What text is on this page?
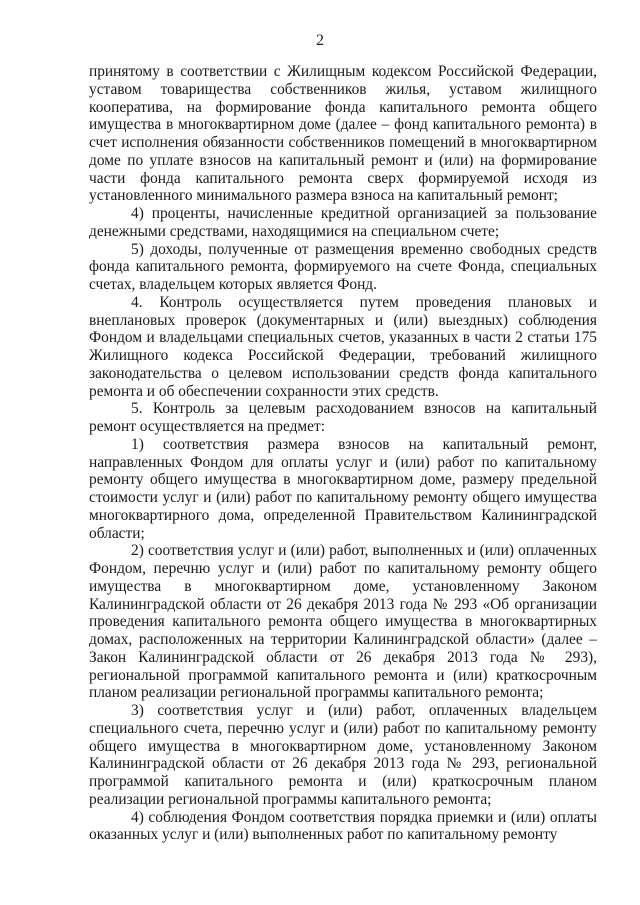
2

принятому в соответствии с Жилищным кодексом Российской Федерации, уставом товарищества собственников жилья, уставом жилищного кооператива, на формирование фонда капитального ремонта общего имущества в многоквартирном доме (далее – фонд капитального ремонта) в счет исполнения обязанности собственников помещений в многоквартирном доме по уплате взносов на капитальный ремонт и (или) на формирование части фонда капитального ремонта сверх формируемой исходя из установленного минимального размера взноса на капитальный ремонт;

4) проценты, начисленные кредитной организацией за пользование денежными средствами, находящимися на специальном счете;

5) доходы, полученные от размещения временно свободных средств фонда капитального ремонта, формируемого на счете Фонда, специальных счетах, владельцем которых является Фонд.

4. Контроль осуществляется путем проведения плановых и внеплановых проверок (документарных и (или) выездных) соблюдения Фондом и владельцами специальных счетов, указанных в части 2 статьи 175 Жилищного кодекса Российской Федерации, требований жилищного законодательства о целевом использовании средств фонда капитального ремонта и об обеспечении сохранности этих средств.

5. Контроль за целевым расходованием взносов на капитальный ремонт осуществляется на предмет:

1) соответствия размера взносов на капитальный ремонт, направленных Фондом для оплаты услуг и (или) работ по капитальному ремонту общего имущества в многоквартирном доме, размеру предельной стоимости услуг и (или) работ по капитальному ремонту общего имущества многоквартирного дома, определенной Правительством Калининградской области;

2) соответствия услуг и (или) работ, выполненных и (или) оплаченных Фондом, перечню услуг и (или) работ по капитальному ремонту общего имущества в многоквартирном доме, установленному Законом Калининградской области от 26 декабря 2013 года № 293 «Об организации проведения капитального ремонта общего имущества в многоквартирных домах, расположенных на территории Калининградской области» (далее – Закон Калининградской области от 26 декабря 2013 года № 293), региональной программой капитального ремонта и (или) краткосрочным планом реализации региональной программы капитального ремонта;

3) соответствия услуг и (или) работ, оплаченных владельцем специального счета, перечню услуг и (или) работ по капитальному ремонту общего имущества в многоквартирном доме, установленному Законом Калининградской области от 26 декабря 2013 года № 293, региональной программой капитального ремонта и (или) краткосрочным планом реализации региональной программы капитального ремонта;

4) соблюдения Фондом соответствия порядка приемки и (или) оплаты оказанных услуг и (или) выполненных работ по капитальному ремонту
